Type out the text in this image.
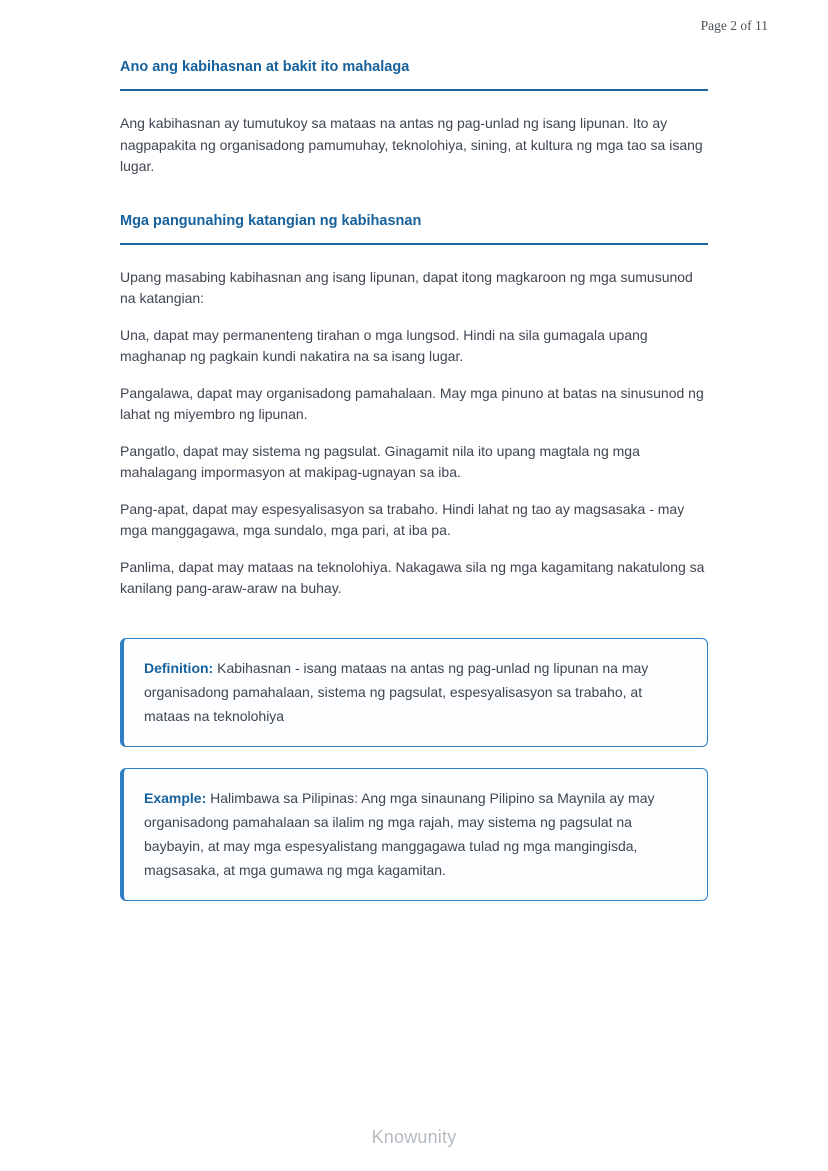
Page 2 of 11
Ano ang kabihasnan at bakit ito mahalaga

Ang kabihasnan ay tumutukoy sa mataas na antas ng pag-unlad ng isang lipunan. Ito ay nagpapakita ng organisadong pamumuhay, teknolohiya, sining, at kultura ng mga tao sa isang lugar.

Mga pangunahing katangian ng kabihasnan

Upang masabing kabihasnan ang isang lipunan, dapat itong magkaroon ng mga sumusunod na katangian:

Una, dapat may permanenteng tirahan o mga lungsod. Hindi na sila gumagala upang maghanap ng pagkain kundi nakatira na sa isang lugar.

Pangalawa, dapat may organisadong pamahalaan. May mga pinuno at batas na sinusunod ng lahat ng miyembro ng lipunan.

Pangatlo, dapat may sistema ng pagsulat. Ginagamit nila ito upang magtala ng mga mahalagang impormasyon at makipag-ugnayan sa iba.

Pang-apat, dapat may espesyalisasyon sa trabaho. Hindi lahat ng tao ay magsasaka - may mga manggagawa, mga sundalo, mga pari, at iba pa.

Panlima, dapat may mataas na teknolohiya. Nakagawa sila ng mga kagamitang nakatulong sa kanilang pang-araw-araw na buhay.

Definition: Kabihasnan - isang mataas na antas ng pag-unlad ng lipunan na may organisadong pamahalaan, sistema ng pagsulat, espesyalisasyon sa trabaho, at mataas na teknolohiya
Example: Halimbawa sa Pilipinas: Ang mga sinaunang Pilipino sa Maynila ay may organisadong pamahalaan sa ilalim ng mga rajah, may sistema ng pagsulat na baybayin, at may mga espesyalistang manggagawa tulad ng mga mangingisda, magsasaka, at mga gumawa ng mga kagamitan.
Knowunity
